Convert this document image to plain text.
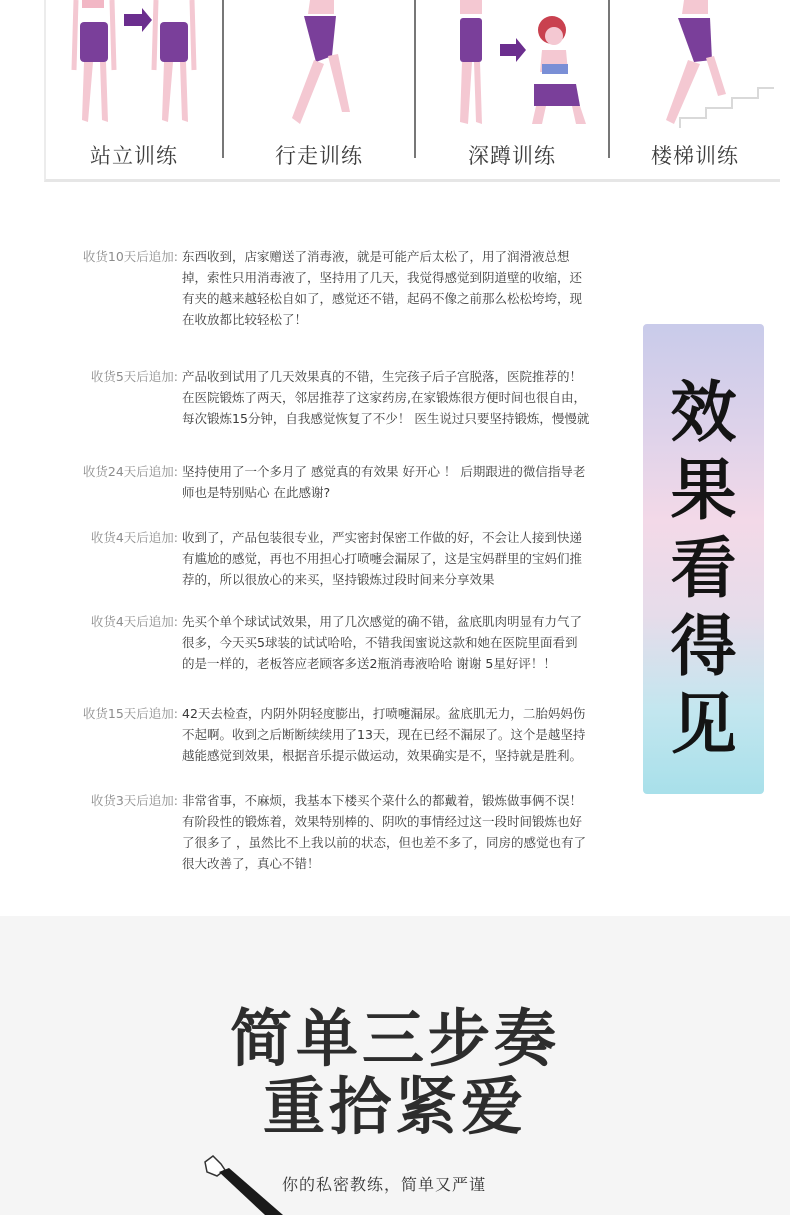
站立训练	行走训练	深蹲训练	楼梯训练
收货10天后追加: 东西收到，店家赠送了消毒液，就是可能产后太松了，用了润滑液总想
掉，索性只用消毒液了，坚持用了几天，我觉得感觉到阴道壁的收缩，还
有夹的越来越轻松自如了，感觉还不错，起码不像之前那么松松垮垮，现
在收放都比较轻松了！
收货5天后追加: 产品收到试用了几天效果真的不错，生完孩子后子宫脱落，医院推荐的！
在医院锻炼了两天，邻居推荐了这家药房,在家锻炼很方便时间也很自由，
每次锻炼15分钟，自我感觉恢复了不少！ 医生说过只要坚持锻炼，慢慢就
收货24天后追加: 坚持使用了一个多月了 感觉真的有效果 好开心 ！ 后期跟进的微信指导老
师也是特别贴心 在此感谢?
收货4天后追加: 收到了，产品包装很专业，严实密封保密工作做的好，不会让人接到快递
有尴尬的感觉，再也不用担心打喷嚏会漏尿了，这是宝妈群里的宝妈们推
荐的，所以很放心的来买，坚持锻炼过段时间来分享效果
收货4天后追加: 先买个单个球试试效果，用了几次感觉的确不错，盆底肌肉明显有力气了
很多，今天买5球装的试试哈哈，不错我闺蜜说这款和她在医院里面看到
的是一样的，老板答应老顾客多送2瓶消毒液哈哈 谢谢 5星好评！！
收货15天后追加: 42天去检查，内阴外阴轻度膨出，打喷嚏漏尿。盆底肌无力，二胎妈妈伤
不起啊。收到之后断断续续用了13天，现在已经不漏尿了。这个是越坚持
越能感觉到效果，根据音乐提示做运动，效果确实是不，坚持就是胜利。
收货3天后追加: 非常省事，不麻烦，我基本下楼买个菜什么的都戴着，锻炼做事俩不误！
有阶段性的锻炼着，效果特别棒的、阴吹的事情经过这一段时间锻炼也好
了很多了 ，虽然比不上我以前的状态，但也差不多了，同房的感觉也有了
很大改善了，真心不错！
效
果
看
得
见
简单三步奏
重拾紧爱
你的私密教练，简单又严谨
